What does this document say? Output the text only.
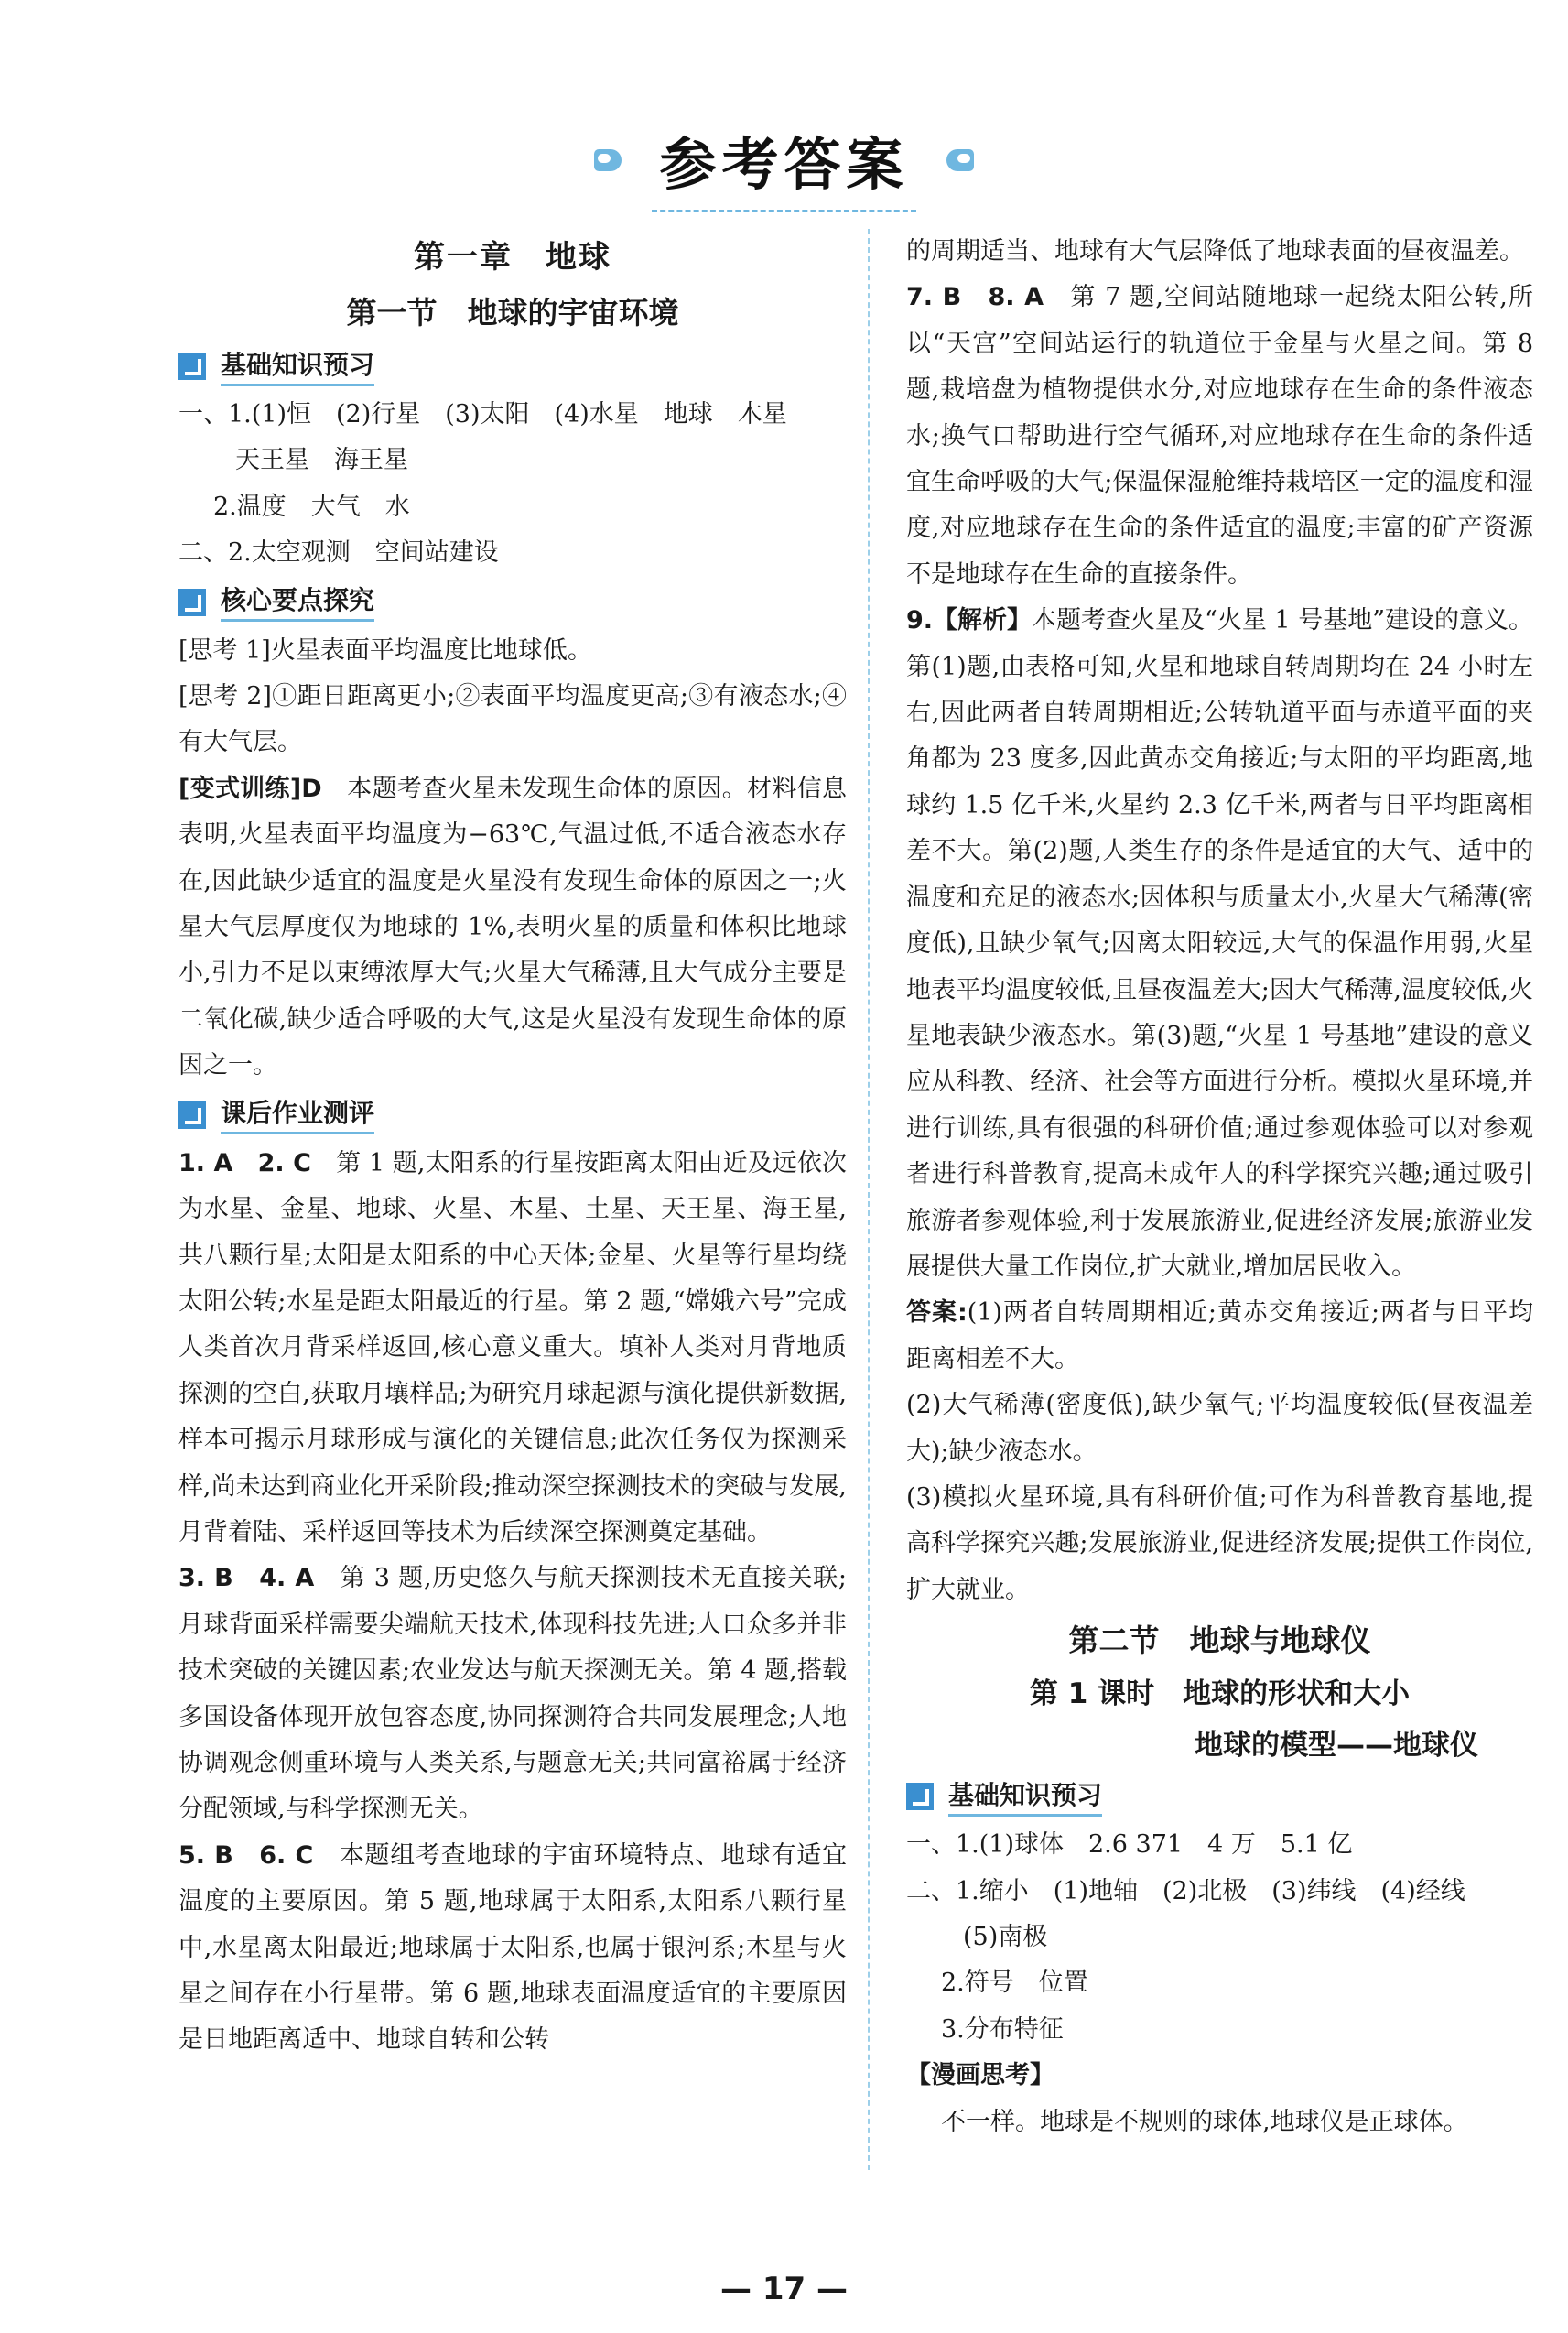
参考答案

第一章　地球

第一节　地球的宇宙环境

基础知识预习

一、1.(1)恒　(2)行星　(3)太阳　(4)水星　地球　木星

天王星　海王星

2.温度　大气　水

二、2.太空观测　空间站建设

核心要点探究

[思考 1]火星表面平均温度比地球低。

[思考 2]①距日距离更小;②表面平均温度更高;③有液态水;④有大气层。

[变式训练]D　本题考查火星未发现生命体的原因。材料信息表明,火星表面平均温度为−63℃,气温过低,不适合液态水存在,因此缺少适宜的温度是火星没有发现生命体的原因之一;火星大气层厚度仅为地球的 1%,表明火星的质量和体积比地球小,引力不足以束缚浓厚大气;火星大气稀薄,且大气成分主要是二氧化碳,缺少适合呼吸的大气,这是火星没有发现生命体的原因之一。

课后作业测评

1. A　2. C　第 1 题,太阳系的行星按距离太阳由近及远依次为水星、金星、地球、火星、木星、土星、天王星、海王星,共八颗行星;太阳是太阳系的中心天体;金星、火星等行星均绕太阳公转;水星是距太阳最近的行星。第 2 题,“嫦娥六号”完成人类首次月背采样返回,核心意义重大。填补人类对月背地质探测的空白,获取月壤样品;为研究月球起源与演化提供新数据,样本可揭示月球形成与演化的关键信息;此次任务仅为探测采样,尚未达到商业化开采阶段;推动深空探测技术的突破与发展,月背着陆、采样返回等技术为后续深空探测奠定基础。

3. B　4. A　第 3 题,历史悠久与航天探测技术无直接关联;月球背面采样需要尖端航天技术,体现科技先进;人口众多并非技术突破的关键因素;农业发达与航天探测无关。第 4 题,搭载多国设备体现开放包容态度,协同探测符合共同发展理念;人地协调观念侧重环境与人类关系,与题意无关;共同富裕属于经济分配领域,与科学探测无关。

5. B　6. C　本题组考查地球的宇宙环境特点、地球有适宜温度的主要原因。第 5 题,地球属于太阳系,太阳系八颗行星中,水星离太阳最近;地球属于太阳系,也属于银河系;木星与火星之间存在小行星带。第 6 题,地球表面温度适宜的主要原因是日地距离适中、地球自转和公转

的周期适当、地球有大气层降低了地球表面的昼夜温差。

7. B　8. A　第 7 题,空间站随地球一起绕太阳公转,所以“天宫”空间站运行的轨道位于金星与火星之间。第 8 题,栽培盘为植物提供水分,对应地球存在生命的条件液态水;换气口帮助进行空气循环,对应地球存在生命的条件适宜生命呼吸的大气;保温保湿舱维持栽培区一定的温度和湿度,对应地球存在生命的条件适宜的温度;丰富的矿产资源不是地球存在生命的直接条件。

9.【解析】本题考查火星及“火星 1 号基地”建设的意义。第(1)题,由表格可知,火星和地球自转周期均在 24 小时左右,因此两者自转周期相近;公转轨道平面与赤道平面的夹角都为 23 度多,因此黄赤交角接近;与太阳的平均距离,地球约 1.5 亿千米,火星约 2.3 亿千米,两者与日平均距离相差不大。第(2)题,人类生存的条件是适宜的大气、适中的温度和充足的液态水;因体积与质量太小,火星大气稀薄(密度低),且缺少氧气;因离太阳较远,大气的保温作用弱,火星地表平均温度较低,且昼夜温差大;因大气稀薄,温度较低,火星地表缺少液态水。第(3)题,“火星 1 号基地”建设的意义应从科教、经济、社会等方面进行分析。模拟火星环境,并进行训练,具有很强的科研价值;通过参观体验可以对参观者进行科普教育,提高未成年人的科学探究兴趣;通过吸引旅游者参观体验,利于发展旅游业,促进经济发展;旅游业发展提供大量工作岗位,扩大就业,增加居民收入。

答案:(1)两者自转周期相近;黄赤交角接近;两者与日平均距离相差不大。

(2)大气稀薄(密度低),缺少氧气;平均温度较低(昼夜温差大);缺少液态水。

(3)模拟火星环境,具有科研价值;可作为科普教育基地,提高科学探究兴趣;发展旅游业,促进经济发展;提供工作岗位,扩大就业。

第二节　地球与地球仪

第 1 课时　地球的形状和大小

地球的模型——地球仪

基础知识预习

一、1.(1)球体　2.6 371　4 万　5.1 亿

二、1.缩小　(1)地轴　(2)北极　(3)纬线　(4)经线

(5)南极

2.符号　位置

3.分布特征

【漫画思考】

不一样。地球是不规则的球体,地球仪是正球体。

— 17 —
